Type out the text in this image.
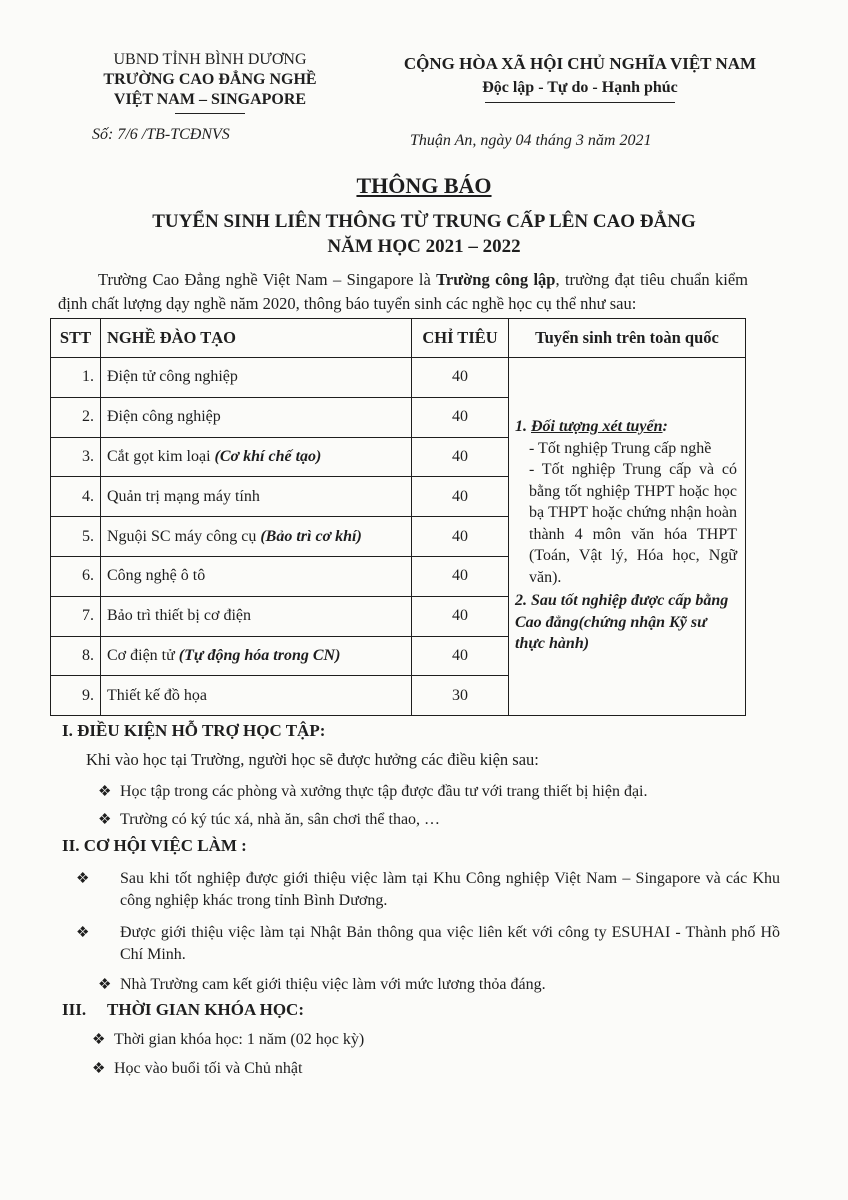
UBND TỈNH BÌNH DƯƠNG
TRƯỜNG CAO ĐẲNG NGHỀ
VIỆT NAM – SINGAPORE
CỘNG HÒA XÃ HỘI CHỦ NGHĨA VIỆT NAM
Độc lập - Tự do - Hạnh phúc
Số: 7/6 /TB-TCĐNVS	Thuận An, ngày 04 tháng 3 năm 2021
THÔNG BÁO
TUYỂN SINH LIÊN THÔNG TỪ TRUNG CẤP LÊN CAO ĐẲNG
NĂM HỌC 2021 – 2022
Trường Cao Đẳng nghề Việt Nam – Singapore là Trường công lập, trường đạt tiêu chuẩn kiểm định chất lượng dạy nghề năm 2020, thông báo tuyển sinh các nghề học cụ thể như sau:
STT	NGHỀ ĐÀO TẠO	CHỈ TIÊU	Tuyển sinh trên toàn quốc
1.	Điện tử công nghiệp	40	1. Đối tượng xét tuyển:
- Tốt nghiệp Trung cấp nghề
- Tốt nghiệp Trung cấp và có bằng tốt nghiệp THPT hoặc học bạ THPT hoặc chứng nhận hoàn thành 4 môn văn hóa THPT (Toán, Vật lý, Hóa học, Ngữ văn).
2. Sau tốt nghiệp được cấp bằng Cao đẳng(chứng nhận Kỹ sư thực hành)

2.	Điện công nghiệp	40	
3.	Cắt gọt kim loại (Cơ khí chế tạo)	40	
4.	Quản trị mạng máy tính	40	
5.	Nguội SC máy công cụ (Bảo trì cơ khí)	40	
6.	Công nghệ ô tô	40	
7.	Bảo trì thiết bị cơ điện	40	
8.	Cơ điện tử (Tự động hóa trong CN)	40	
9.	Thiết kế đồ họa	30	
I. ĐIỀU KIỆN HỖ TRỢ HỌC TẬP:
Khi vào học tại Trường, người học sẽ được hưởng các điều kiện sau:
❖ Học tập trong các phòng và xưởng thực tập được đầu tư với trang thiết bị hiện đại.
❖ Trường có ký túc xá, nhà ăn, sân chơi thể thao, …
II. CƠ HỘI VIỆC LÀM :
❖ Sau khi tốt nghiệp được giới thiệu việc làm tại Khu Công nghiệp Việt Nam – Singapore và các Khu công nghiệp khác trong tỉnh Bình Dương.
❖ Được giới thiệu việc làm tại Nhật Bản thông qua việc liên kết với công ty ESUHAI - Thành phố Hồ Chí Minh.
❖ Nhà Trường cam kết giới thiệu việc làm với mức lương thỏa đáng.
III.     THỜI GIAN KHÓA HỌC:
❖ Thời gian khóa học: 1 năm (02 học kỳ)
❖ Học vào buổi tối và Chủ nhật
